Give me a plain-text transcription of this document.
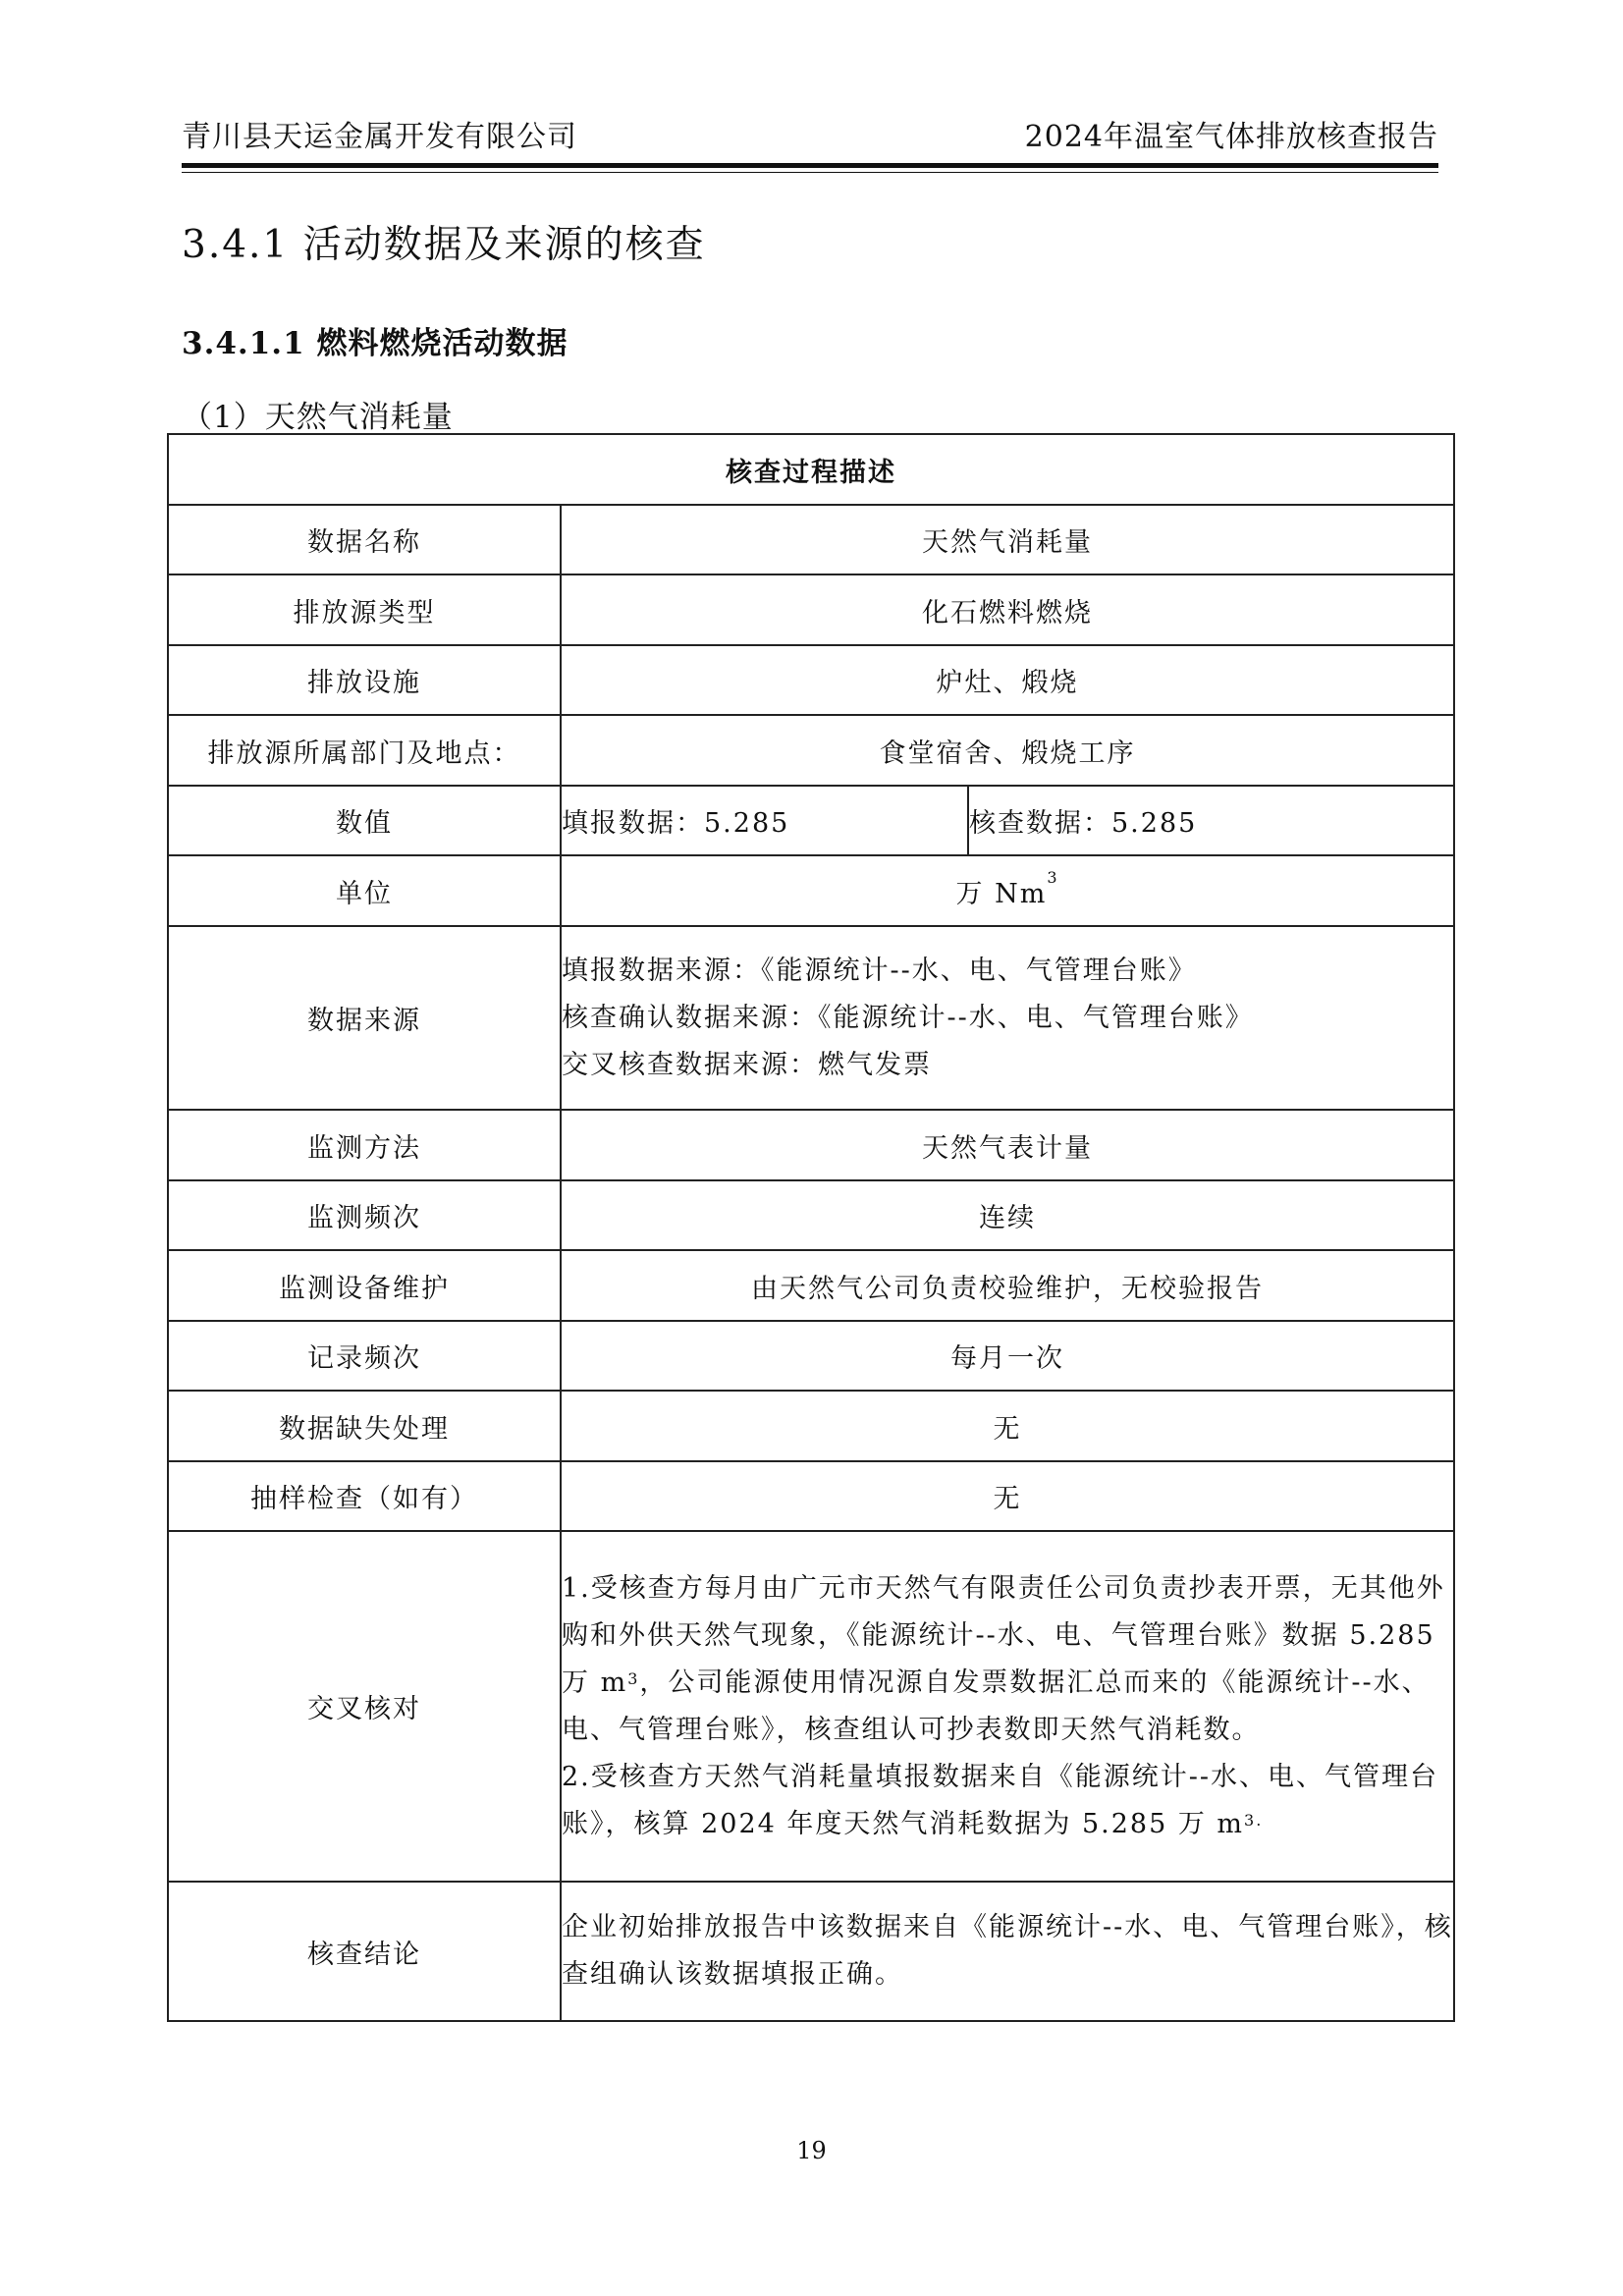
青川县天运金属开发有限公司	2024年温室气体排放核查报告
3.4.1 活动数据及来源的核查
3.4.1.1 燃料燃烧活动数据
（1）天然气消耗量
核查过程描述		
数据名称	天然气消耗量	
排放源类型	化石燃料燃烧	
排放设施	炉灶、煅烧	
排放源所属部门及地点：	食堂宿舍、煅烧工序	
数值	填报数据：5.285	核查数据：5.285
单位	万 Nm$^3$
数据来源	填报数据来源：《能源统计--水、电、气管理台账》
核查确认数据来源：《能源统计--水、电、气管理台账》
交叉核查数据来源：燃气发票	

监测方法	天然气表计量	
监测频次	连续	
监测设备维护	由天然气公司负责校验维护，无校验报告	
记录频次	每月一次	
数据缺失处理	无	
抽样检查（如有）	无	
交叉核对	1.受核查方每月由广元市天然气有限责任公司负责抄表开票，无其他外购和外供天然气现象，《能源统计--水、电、气管理台账》数据 5.285 万 $m^3$，公司能源使用情况源自发票数据汇总而来的《能源统计--水、电、气管理台账》，核查组认可抄表数即天然气消耗数。
2.受核查方天然气消耗量填报数据来自《能源统计--水、电、气管理台账》，核算 2024 年度天然气消耗数据为 5.285 万 $m^{3.}$

核查结论	企业初始排放报告中该数据来自《能源统计--水、电、气管理台账》，核查组确认该数据填报正确。	
19
